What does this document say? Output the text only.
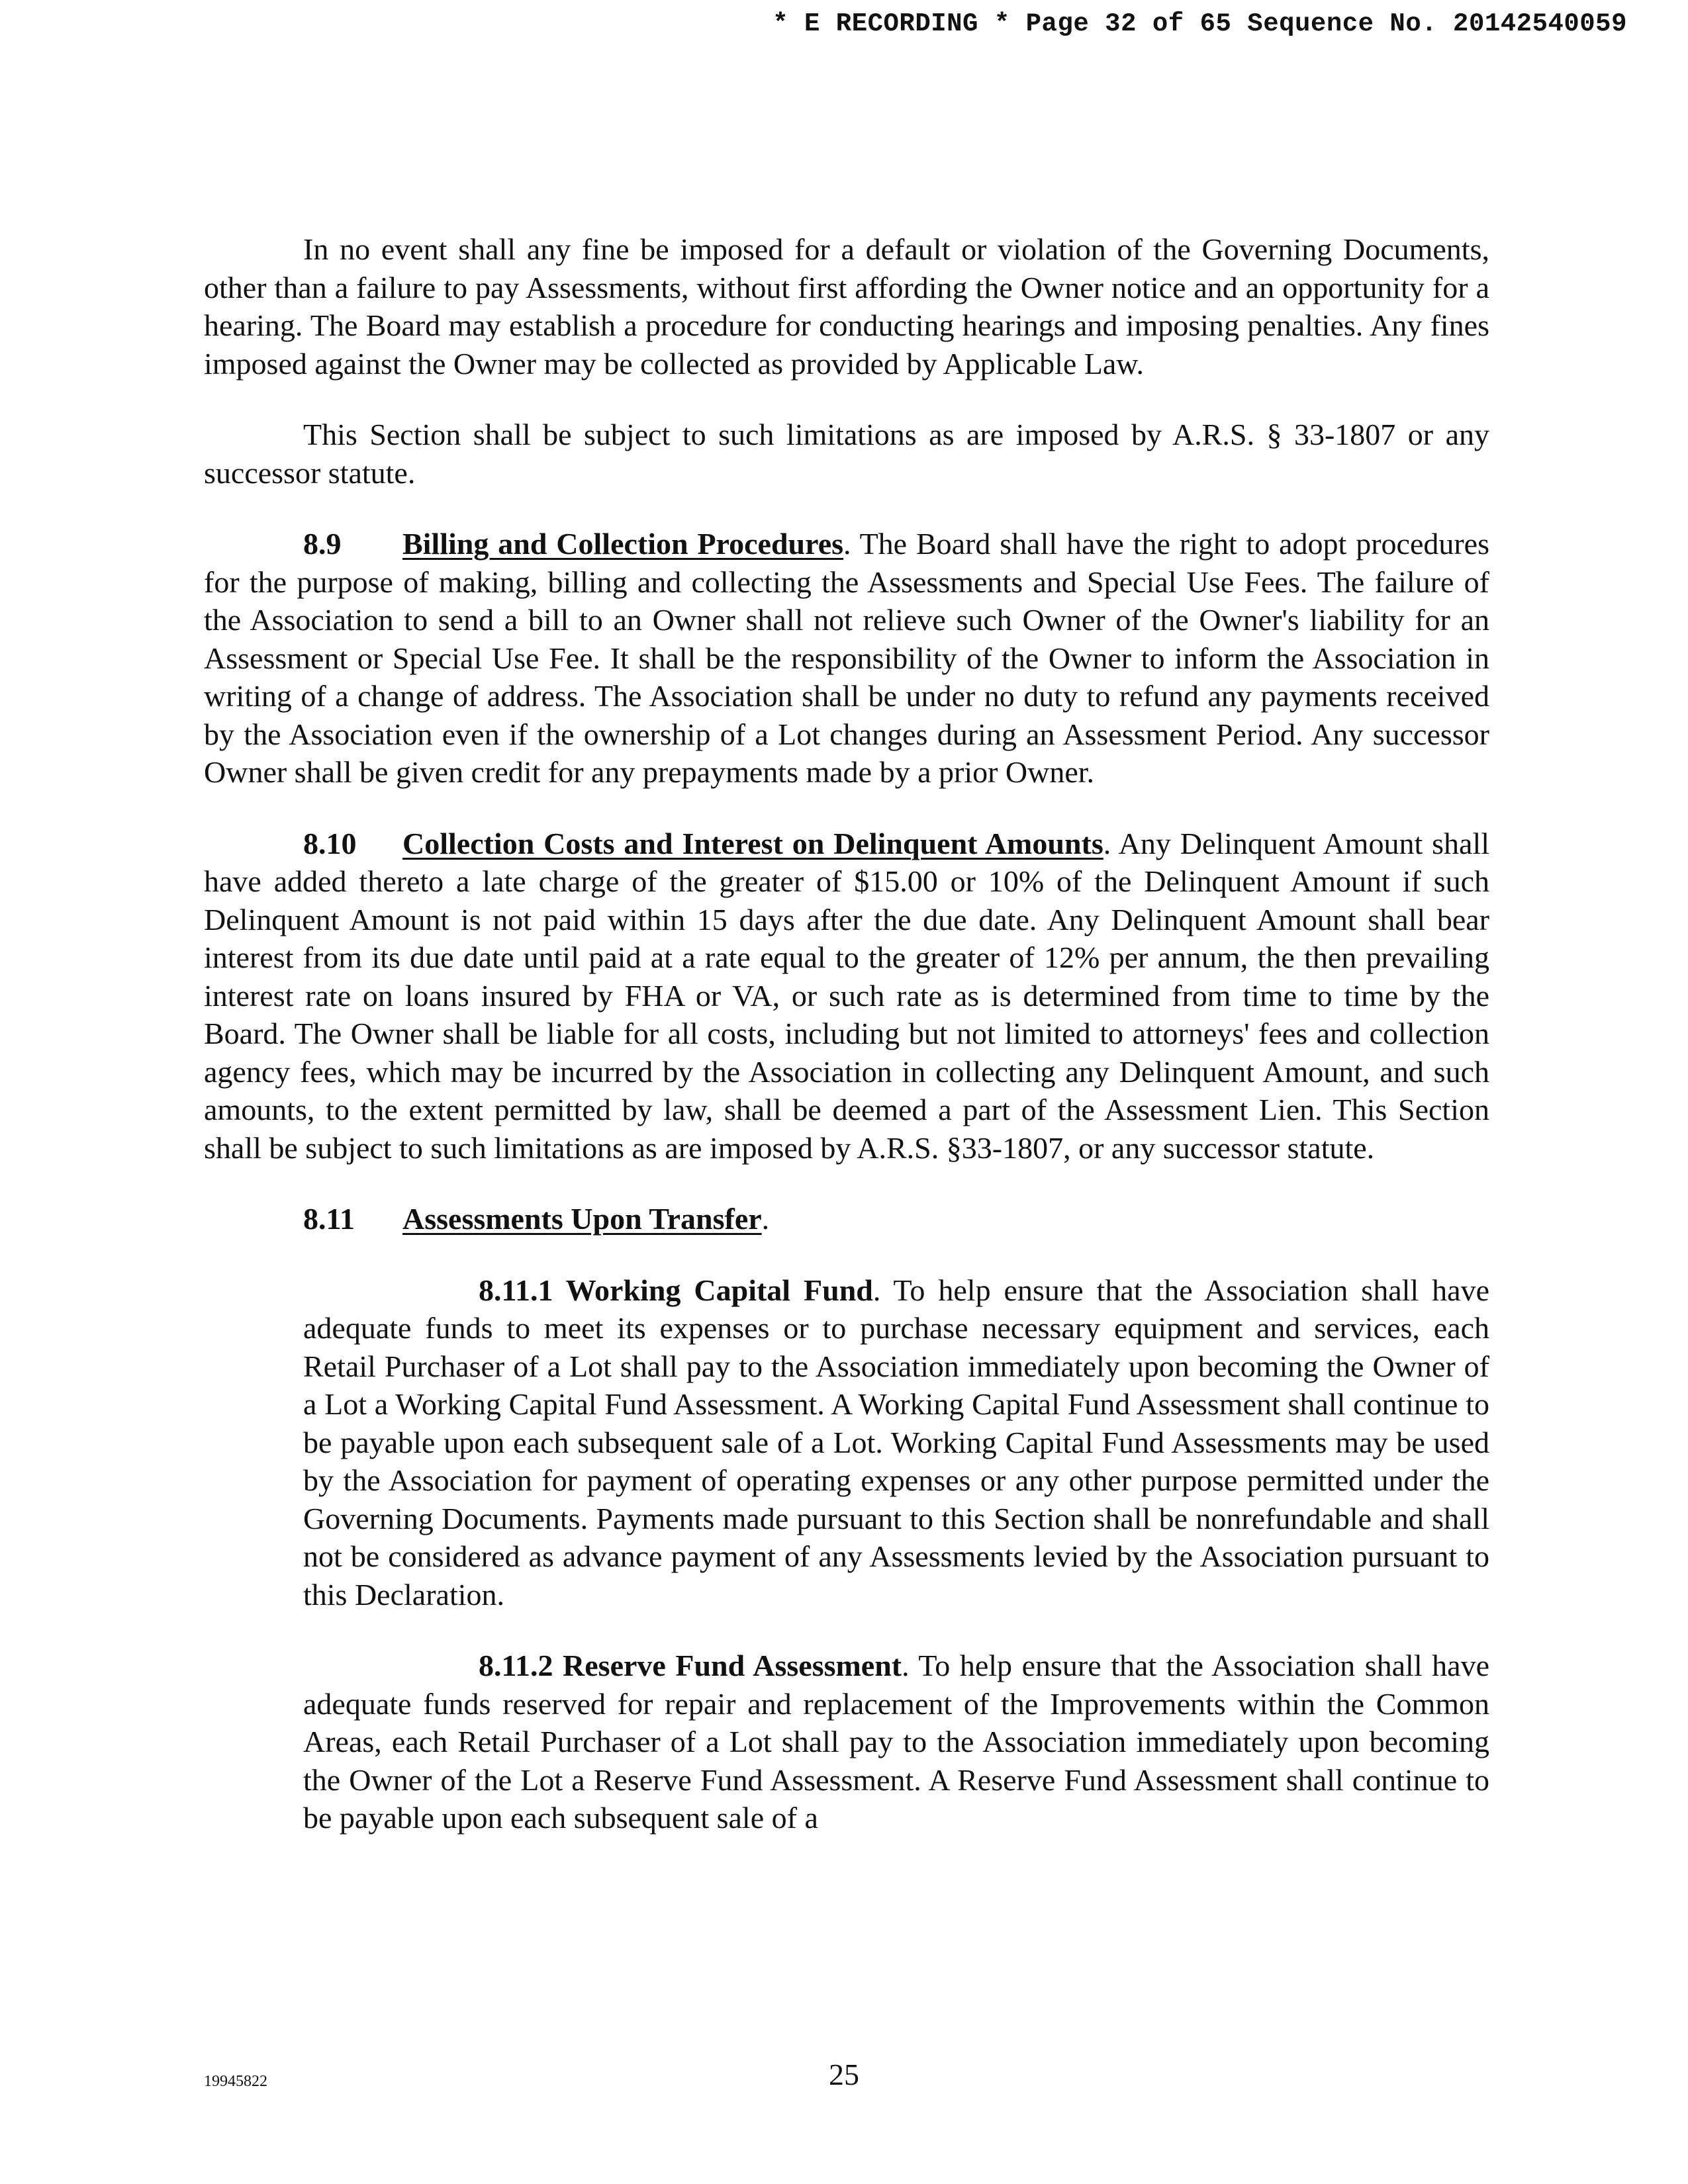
* E RECORDING * Page 32 of 65 Sequence No. 20142540059

In no event shall any fine be imposed for a default or violation of the Governing Documents, other than a failure to pay Assessments, without first affording the Owner notice and an opportunity for a hearing. The Board may establish a procedure for conducting hearings and imposing penalties. Any fines imposed against the Owner may be collected as provided by Applicable Law.

This Section shall be subject to such limitations as are imposed by A.R.S. § 33-1807 or any successor statute.

8.9 Billing and Collection Procedures. The Board shall have the right to adopt procedures for the purpose of making, billing and collecting the Assessments and Special Use Fees. The failure of the Association to send a bill to an Owner shall not relieve such Owner of the Owner's liability for an Assessment or Special Use Fee. It shall be the responsibility of the Owner to inform the Association in writing of a change of address. The Association shall be under no duty to refund any payments received by the Association even if the ownership of a Lot changes during an Assessment Period. Any successor Owner shall be given credit for any prepayments made by a prior Owner.

8.10 Collection Costs and Interest on Delinquent Amounts. Any Delinquent Amount shall have added thereto a late charge of the greater of $15.00 or 10% of the Delinquent Amount if such Delinquent Amount is not paid within 15 days after the due date. Any Delinquent Amount shall bear interest from its due date until paid at a rate equal to the greater of 12% per annum, the then prevailing interest rate on loans insured by FHA or VA, or such rate as is determined from time to time by the Board. The Owner shall be liable for all costs, including but not limited to attorneys' fees and collection agency fees, which may be incurred by the Association in collecting any Delinquent Amount, and such amounts, to the extent permitted by law, shall be deemed a part of the Assessment Lien. This Section shall be subject to such limitations as are imposed by A.R.S. §33-1807, or any successor statute.

8.11 Assessments Upon Transfer.

8.11.1 Working Capital Fund. To help ensure that the Association shall have adequate funds to meet its expenses or to purchase necessary equipment and services, each Retail Purchaser of a Lot shall pay to the Association immediately upon becoming the Owner of a Lot a Working Capital Fund Assessment. A Working Capital Fund Assessment shall continue to be payable upon each subsequent sale of a Lot. Working Capital Fund Assessments may be used by the Association for payment of operating expenses or any other purpose permitted under the Governing Documents. Payments made pursuant to this Section shall be nonrefundable and shall not be considered as advance payment of any Assessments levied by the Association pursuant to this Declaration.

8.11.2 Reserve Fund Assessment. To help ensure that the Association shall have adequate funds reserved for repair and replacement of the Improvements within the Common Areas, each Retail Purchaser of a Lot shall pay to the Association immediately upon becoming the Owner of the Lot a Reserve Fund Assessment. A Reserve Fund Assessment shall continue to be payable upon each subsequent sale of a

19945822	25
